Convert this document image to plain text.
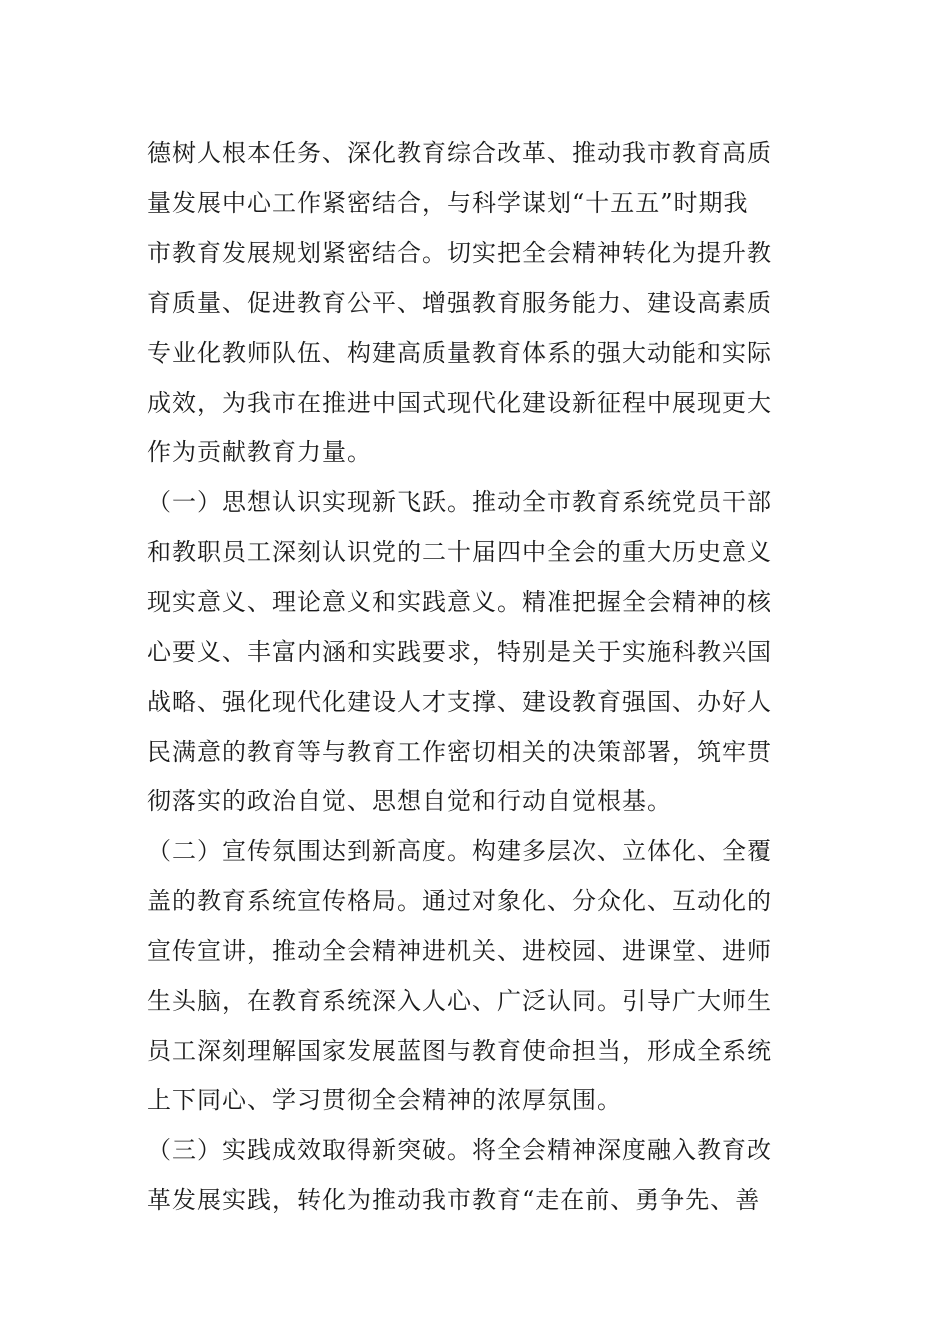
德树人根本任务、深化教育综合改革、推动我市教育高质
量发展中心工作紧密结合，与科学谋划“十五五”时期我
市教育发展规划紧密结合。切实把全会精神转化为提升教
育质量、促进教育公平、增强教育服务能力、建设高素质
专业化教师队伍、构建高质量教育体系的强大动能和实际
成效，为我市在推进中国式现代化建设新征程中展现更大
作为贡献教育力量。
（一）思想认识实现新飞跃。推动全市教育系统党员干部
和教职员工深刻认识党的二十届四中全会的重大历史意义
现实意义、理论意义和实践意义。精准把握全会精神的核
心要义、丰富内涵和实践要求，特别是关于实施科教兴国
战略、强化现代化建设人才支撑、建设教育强国、办好人
民满意的教育等与教育工作密切相关的决策部署，筑牢贯
彻落实的政治自觉、思想自觉和行动自觉根基。
（二）宣传氛围达到新高度。构建多层次、立体化、全覆
盖的教育系统宣传格局。通过对象化、分众化、互动化的
宣传宣讲，推动全会精神进机关、进校园、进课堂、进师
生头脑，在教育系统深入人心、广泛认同。引导广大师生
员工深刻理解国家发展蓝图与教育使命担当，形成全系统
上下同心、学习贯彻全会精神的浓厚氛围。
（三）实践成效取得新突破。将全会精神深度融入教育改
革发展实践，转化为推动我市教育“走在前、勇争先、善
